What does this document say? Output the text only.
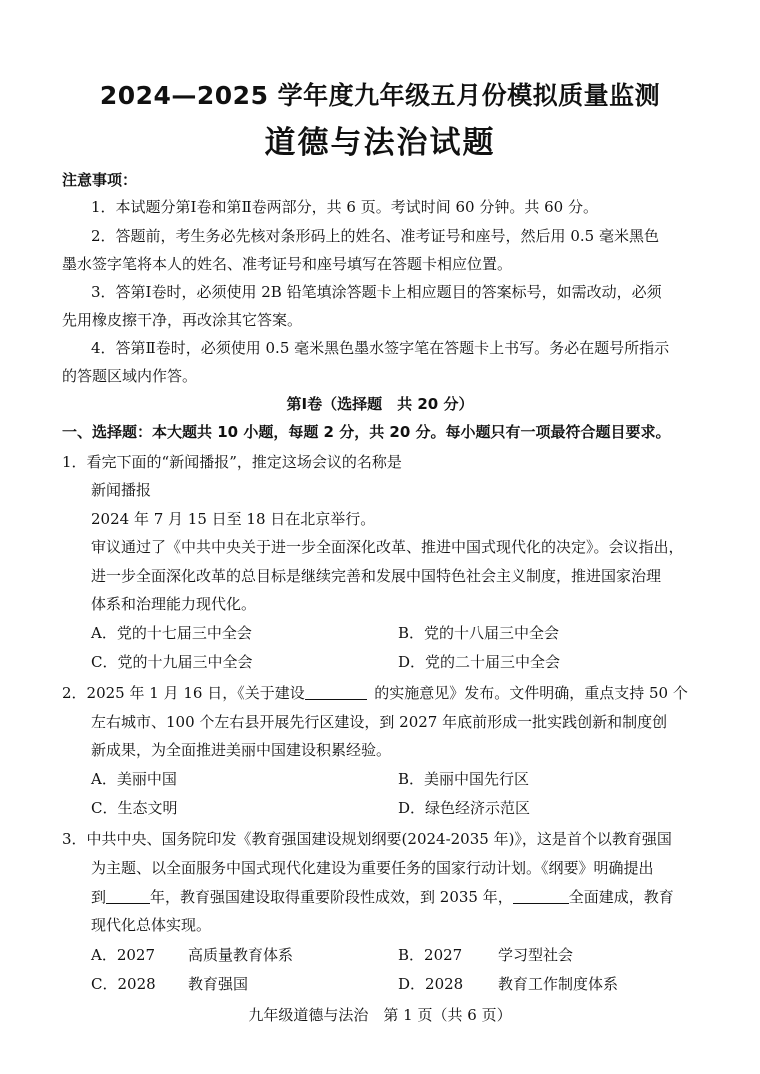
2024—2025 学年度九年级五月份模拟质量监测
道德与法治试题
注意事项：
1．本试题分第Ⅰ卷和第Ⅱ卷两部分，共 6 页。考试时间 60 分钟。共 60 分。
2．答题前，考生务必先核对条形码上的姓名、准考证号和座号，然后用 0.5 毫米黑色
墨水签字笔将本人的姓名、准考证号和座号填写在答题卡相应位置。
3．答第Ⅰ卷时，必须使用 2B 铅笔填涂答题卡上相应题目的答案标号，如需改动，必须
先用橡皮擦干净，再改涂其它答案。
4．答第Ⅱ卷时，必须使用 0.5 毫米黑色墨水签字笔在答题卡上书写。务必在题号所指示
的答题区域内作答。
第Ⅰ卷（选择题　共 20 分）
一、选择题：本大题共 10 小题，每题 2 分，共 20 分。每小题只有一项最符合题目要求。
1．看完下面的“新闻播报”，推定这场会议的名称是
新闻播报
2024 年 7 月 15 日至 18 日在北京举行。
审议通过了《中共中央关于进一步全面深化改革、推进中国式现代化的决定》。会议指出，
进一步全面深化改革的总目标是继续完善和发展中国特色社会主义制度，推进国家治理
体系和治理能力现代化。
A．党的十七届三中全会	B．党的十八届三中全会
C．党的十九届三中全会	D．党的二十届三中全会
2．2025 年 1 月 16 日，《关于建设 	的实施意见》发布。文件明确，重点支持 50 个
左右城市、100 个左右县开展先行区建设，到 2027 年底前形成一批实践创新和制度创
新成果，为全面推进美丽中国建设积累经验。
A．美丽中国	B．美丽中国先行区
C．生态文明	D．绿色经济示范区
3．中共中央、国务院印发《教育强国建设规划纲要(2024-2035 年)》，这是首个以教育强国
为主题、以全面服务中国式现代化建设为重要任务的国家行动计划。《纲要》明确提出
到	年，教育强国建设取得重要阶段性成效，到 2035 年，	全面建成，教育
现代化总体实现。
A．2027 高质量教育体系	B．2027 学习型社会
C．2028 教育强国	D．2028 教育工作制度体系
九年级道德与法治　第 1 页（共 6 页）
